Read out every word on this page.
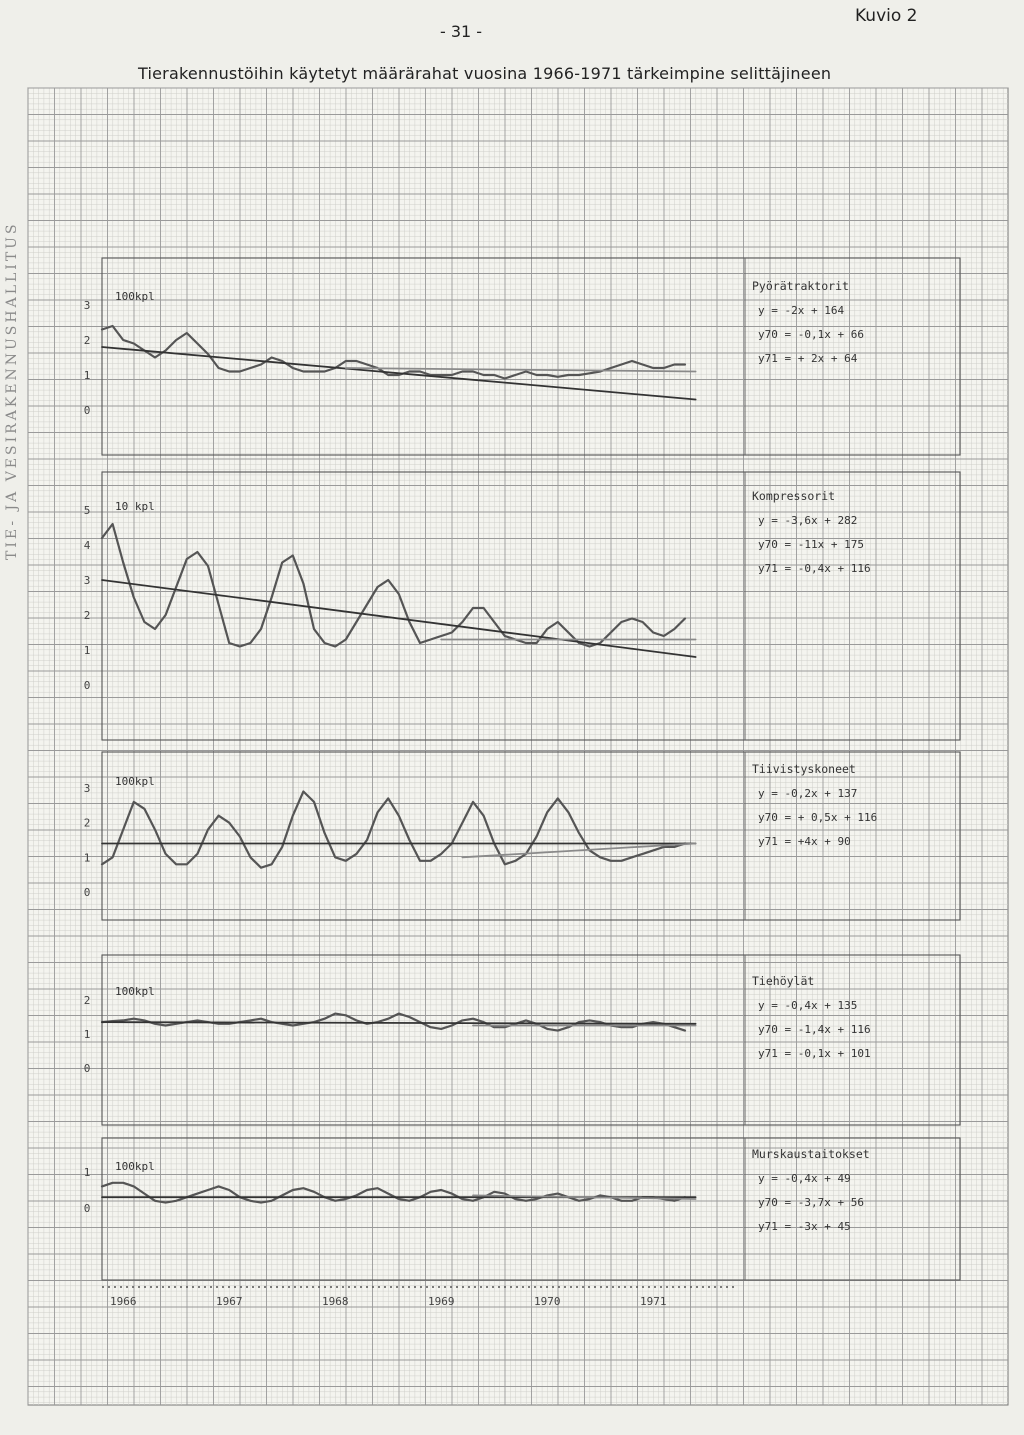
- 31 -
Kuvio 2
Tierakennustöihin käytetyt määrärahat vuosina 1966-1971 tärkeimpine selittäjineen
TIE- JA VESIRAKENNUSHALLITUS	3
2
1
0
100kpl
Pyörätraktorit
y = -2x + 164
y70 = -0,1x + 66
y71 = + 2x + 64
5
4
3
2
1
0
10 kpl
Kompressorit
y = -3,6x + 282
y70 = -11x + 175
y71 = -0,4x + 116
3
2
1
0
100kpl
Tiivistyskoneet
y = -0,2x + 137
y70 = + 0,5x + 116
y71 = +4x + 90
2
1
0
100kpl
Tiehöylät
y = -0,4x + 135
y70 = -1,4x + 116
y71 = -0,1x + 101
1
0
100kpl
Murskaustaitokset
y = -0,4x + 49
y70 = -3,7x + 56
y71 = -3x + 45
1966	1967	1968	1969	1970	1971
